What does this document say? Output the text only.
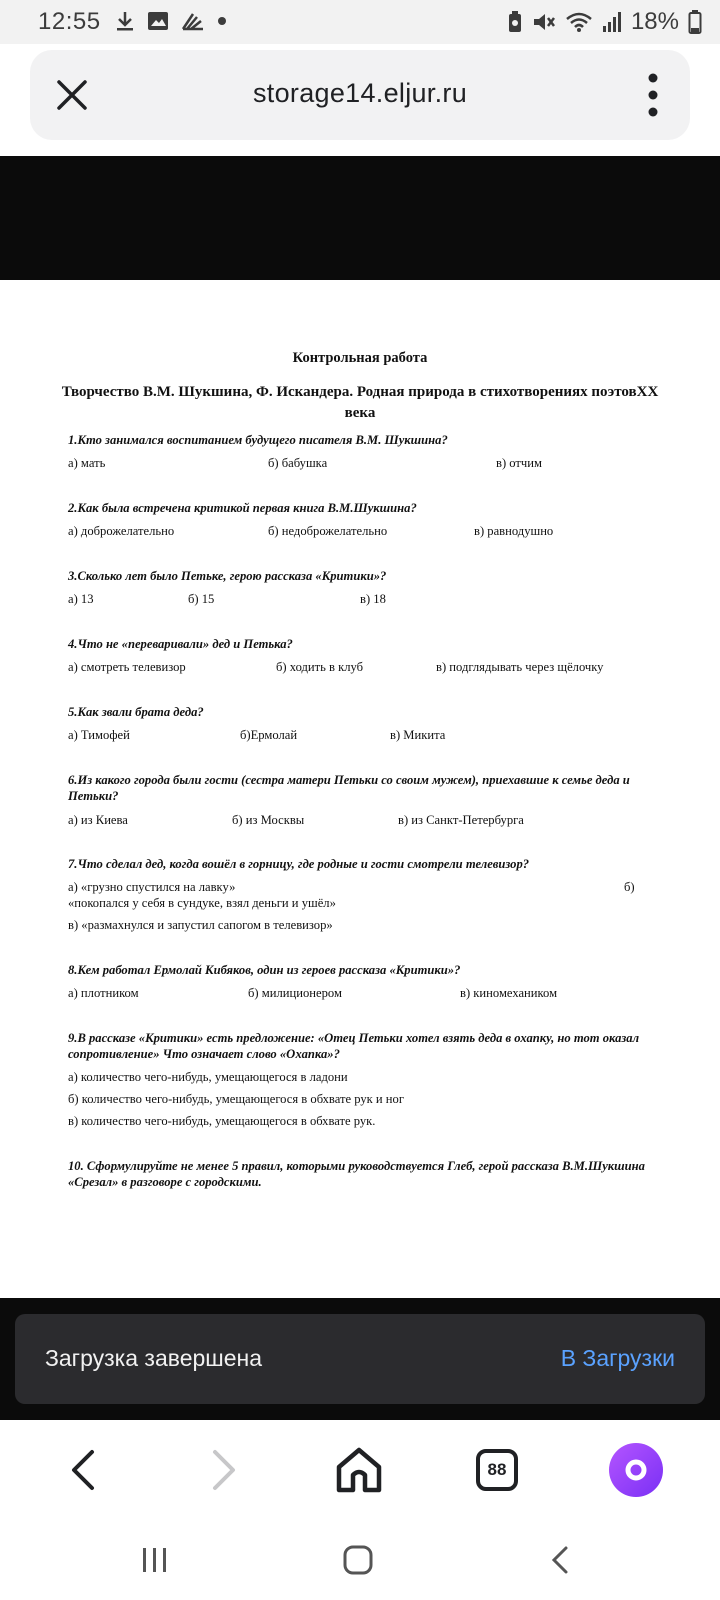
12:55	18%
storage14.eljur.ru
Контрольная работа
Творчество В.М. Шукшина, Ф. Искандера. Родная природа в стихотворениях поэтовXX века
1.Кто занимался воспитанием будущего писателя В.М. Шукшина?
а) мать	б) бабушка	в) отчим
2.Как была встречена критикой первая книга В.М.Шукшина?
а) доброжелательно	б) недоброжелательно	в) равнодушно
3.Сколько лет было Петьке, герою рассказа «Критики»?
а) 13	б) 15	в) 18
4.Что не «переваривали» дед и Петька?
а) смотреть телевизор	б) ходить в клуб	в) подглядывать через щёлочку
5.Как звали брата деда?
а) Тимофей	б)Ермолай	в) Микита
6.Из какого города были гости (сестра матери Петьки со своим мужем), приехавшие к семье деда и Петьки?
а) из Киева	б) из Москвы	в) из Санкт-Петербурга
7.Что сделал дед, когда вошёл в горницу, где родные и гости смотрели телевизор?
а) «грузно спустился на лавку»	б)
«покопался у себя в сундуке, взял деньги и ушёл»
в) «размахнулся и запустил сапогом в телевизор»
8.Кем работал Ермолай Кибяков, один из героев рассказа «Критики»?
а) плотником	б) милиционером	в) киномехаником
9.В рассказе «Критики» есть предложение: «Отец Петьки хотел взять деда в охапку, но тот оказал сопротивление» Что означает слово «Охапка»?
а) количество чего-нибудь, умещающегося в ладони
б) количество чего-нибудь, умещающегося в обхвате рук и ног
в) количество чего-нибудь, умещающегося в обхвате рук.
10. Сформулируйте не менее 5 правил, которыми руководствуется Глеб, герой рассказа В.М.Шукшина «Срезал» в разговоре с городскими.
Загрузка завершена	В Загрузки
88
